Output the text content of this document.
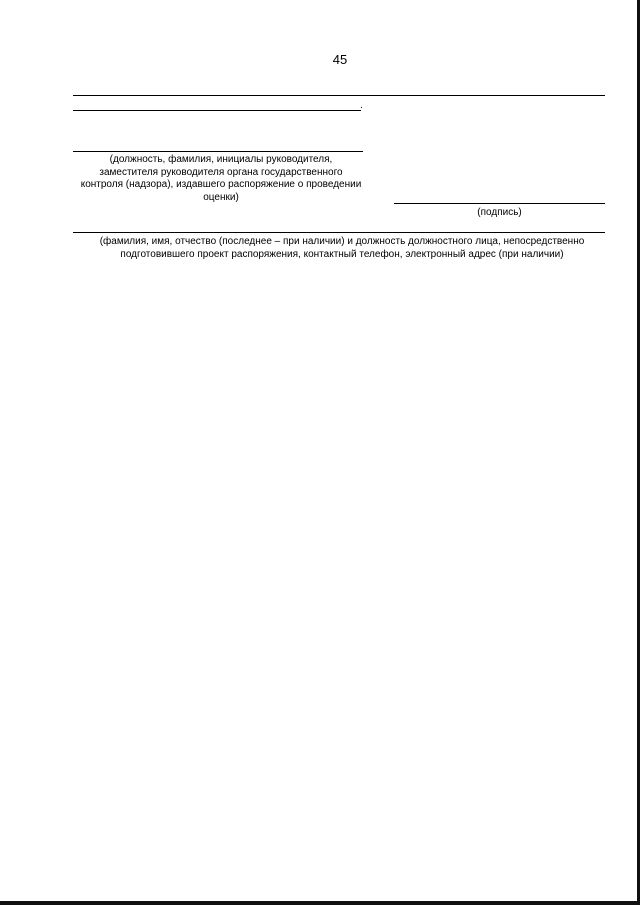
45
.
(должность, фамилия, инициалы руководителя, заместителя руководителя органа государственного контроля (надзора), издавшего распоряжение о проведении оценки)
(подпись)
(фамилия, имя, отчество (последнее – при наличии) и должность должностного лица, непосредственно подготовившего проект распоряжения, контактный телефон, электронный адрес (при наличии)
